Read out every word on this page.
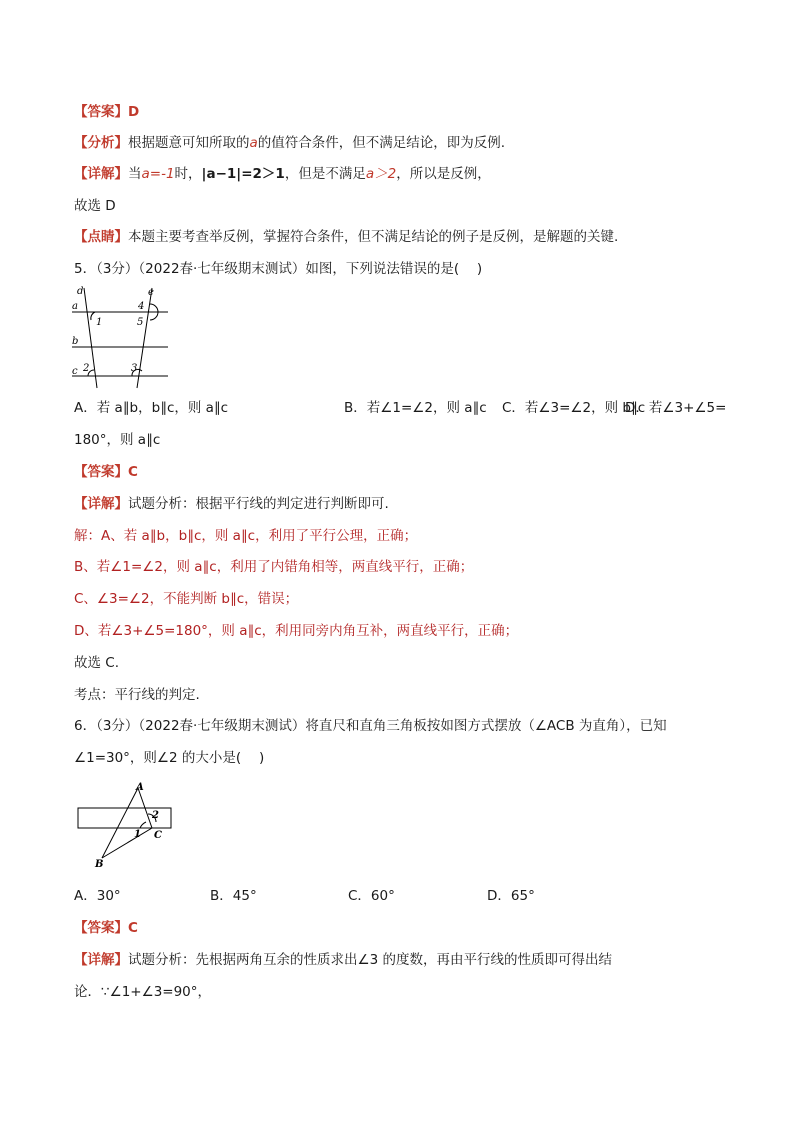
【答案】D
【分析】根据题意可知所取的a的值符合条件，但不满足结论，即为反例.
【详解】当a=-1时，|a−1|=2＞1，但是不满足a＞2，所以是反例，
故选 D
【点睛】本题主要考查举反例，掌握符合条件，但不满足结论的例子是反例，是解题的关键.
5．（3分）（2022春·七年级期末测试）如图，下列说法错误的是(　 )
d	e
a
b
c
1
4
5
2	3
A．若 a∥b，b∥c，则 a∥c	B．若∠1=∠2，则 a∥c C．若∠3=∠2，则 b∥c
D．若∠3+∠5=
180°，则 a∥c
【答案】C
【详解】试题分析：根据平行线的判定进行判断即可.
解：A、若 a∥b，b∥c，则 a∥c，利用了平行公理，正确；
B、若∠1=∠2，则 a∥c，利用了内错角相等，两直线平行，正确；
C、∠3=∠2，不能判断 b∥c，错误；
D、若∠3+∠5=180°，则 a∥c，利用同旁内角互补，两直线平行，正确；
故选 C.
考点：平行线的判定.
6．（3分）（2022春·七年级期末测试）将直尺和直角三角板按如图方式摆放（∠ACB 为直角），已知
∠1=30°，则∠2 的大小是(　 )
A
B
C
1
2
A．30°	B．45°	C．60°	D．65°
【答案】C
【详解】试题分析：先根据两角互余的性质求出∠3 的度数，再由平行线的性质即可得出结
论．∵∠1+∠3=90°，
